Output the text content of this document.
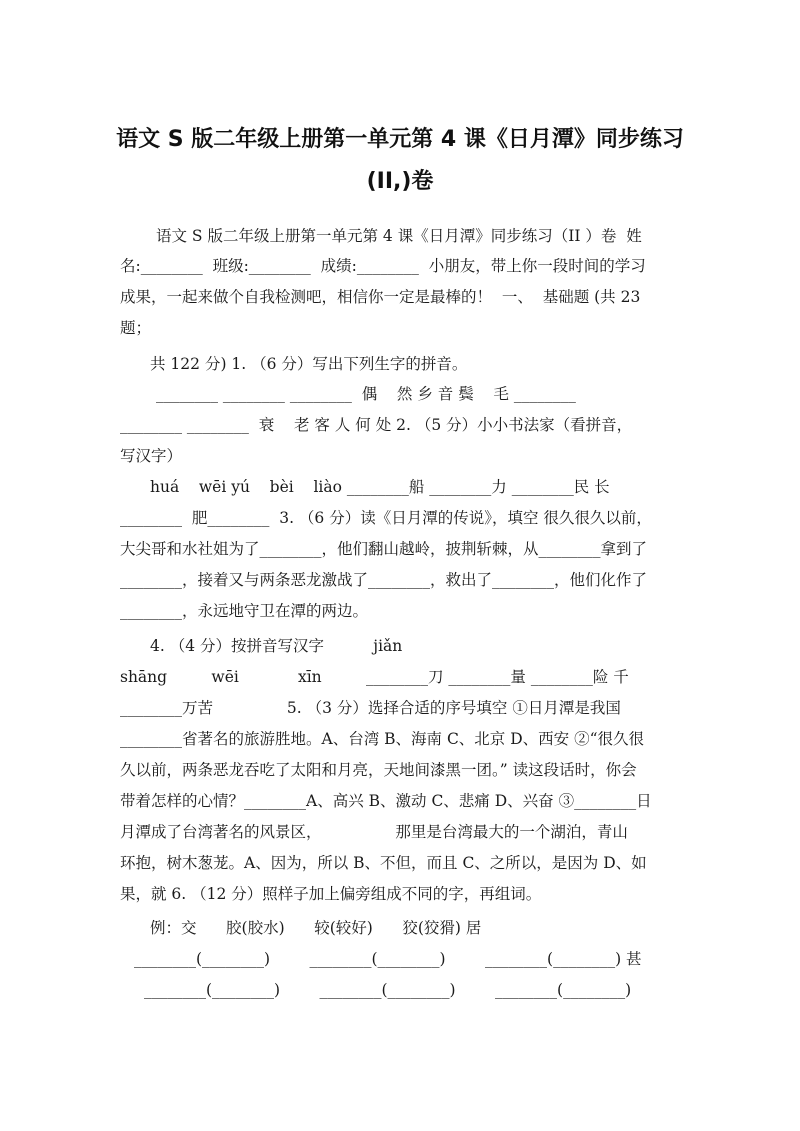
语文 S 版二年级上册第一单元第 4 课《日月潭》同步练习
(II,)卷
语文 S 版二年级上册第一单元第 4 课《日月潭》同步练习（II ）卷  姓
名:________  班级:________  成绩:________  小朋友，带上你一段时间的学习
成果，一起来做个自我检测吧，相信你一定是最棒的！  一、  基础题 (共 23
题；
共 122 分) 1. （6 分）写出下列生字的拼音。
________ ________ ________  偶    然 乡 音 鬓    毛 ________
________ ________  衰    老 客 人 何 处 2. （5 分）小小书法家（看拼音，
写汉字）
huá    wēi yú    bèi    liào ________船 ________力 ________民 长
________  肥________  3. （6 分）读《日月潭的传说》，填空 很久很久以前，
大尖哥和水社姐为了________，他们翻山越岭，披荆斩棘，从________拿到了
________，接着又与两条恶龙激战了________，救出了________，他们化作了
________，永远地守卫在潭的两边。
4. （4 分）按拼音写汉字          jiǎn
shāng         wēi            xīn         ________刀 ________量 ________险 千
________万苦               5. （3 分）选择合适的序号填空 ①日月潭是我国
________省著名的旅游胜地。A、台湾 B、海南 C、北京 D、西安 ②“很久很
久以前，两条恶龙吞吃了太阳和月亮，天地间漆黑一团。” 读这段话时，你会
带着怎样的心情？________A、高兴 B、激动 C、悲痛 D、兴奋 ③________日
月潭成了台湾著名的风景区，               那里是台湾最大的一个湖泊，青山
环抱，树木葱茏。A、因为，所以 B、不但，而且 C、之所以，是因为 D、如
果，就 6. （12 分）照样子加上偏旁组成不同的字，再组词。
例：交      胶(胶水)      较(较好)      狡(狡猾) 居
________(________)        ________(________)        ________(________) 甚
________(________)        ________(________)        ________(________)
